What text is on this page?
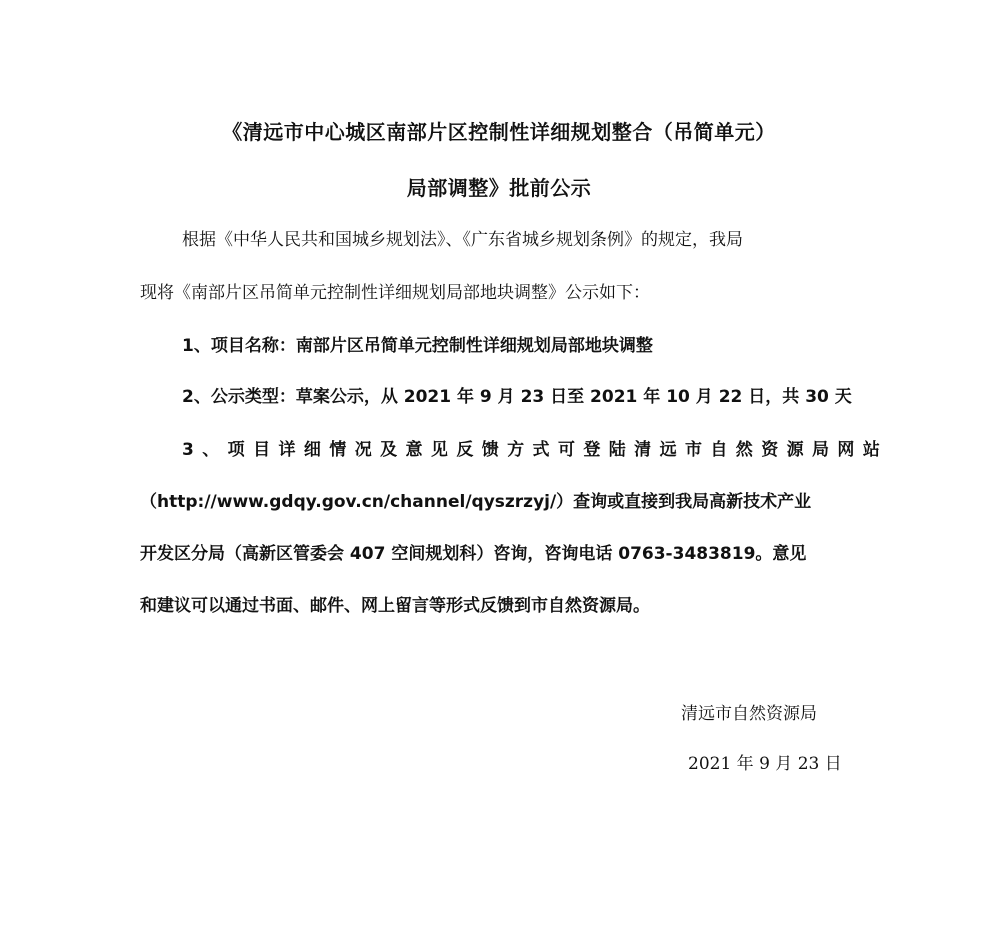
《清远市中心城区南部片区控制性详细规划整合（吊简单元）
局部调整》批前公示
根据《中华人民共和国城乡规划法》、《广东省城乡规划条例》的规定，我局
现将《南部片区吊简单元控制性详细规划局部地块调整》公示如下：
1、项目名称：南部片区吊简单元控制性详细规划局部地块调整
2、公示类型：草案公示，从 2021 年 9 月 23 日至 2021 年 10 月 22 日，共 30 天
3 、 项 目 详 细 情 况 及 意 见 反 馈 方 式 可 登 陆 清 远 市 自 然 资 源 局 网 站
（http://www.gdqy.gov.cn/channel/qyszrzyj/）查询或直接到我局高新技术产业
开发区分局（高新区管委会 407 空间规划科）咨询，咨询电话 0763-3483819。意见
和建议可以通过书面、邮件、网上留言等形式反馈到市自然资源局。
清远市自然资源局
2021 年 9 月 23 日
